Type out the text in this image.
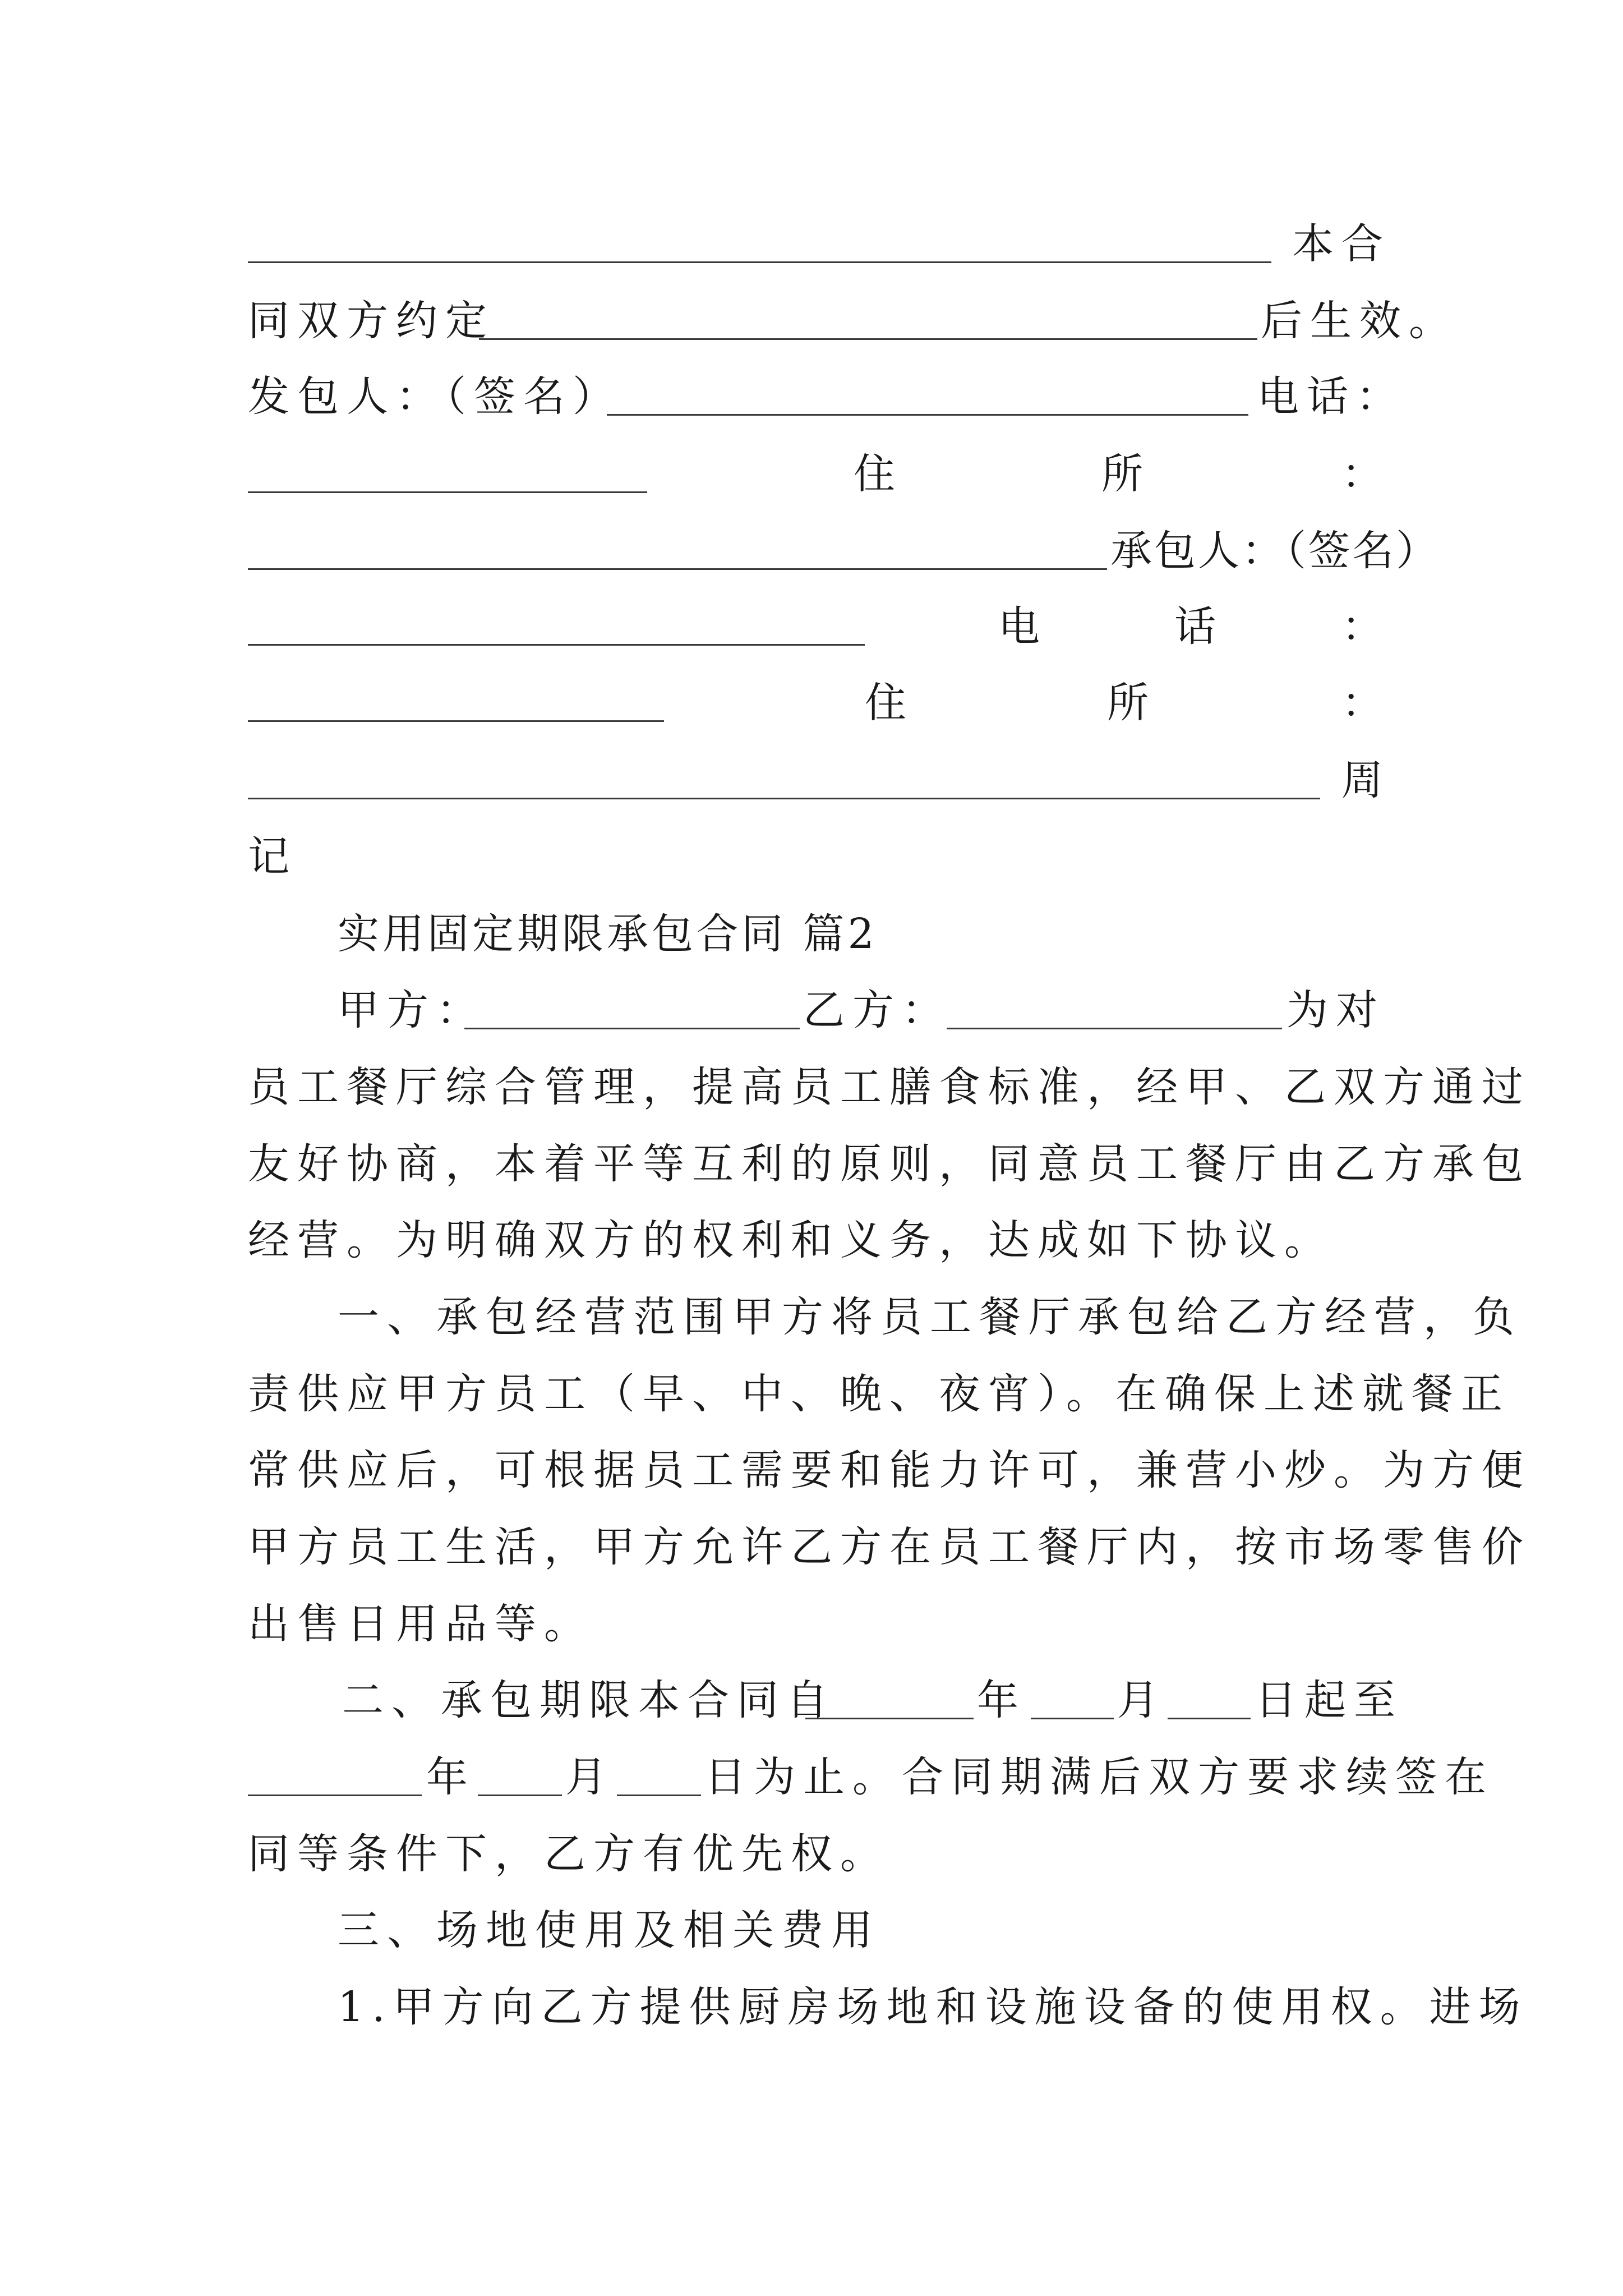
本合
同双方约定	后生效。
发包人：（签名）	电话：
住	所	：
承包人：（签名）
电	话	：
住	所	：
周
记
实用固定期限承包合同 篇2
甲方：	乙方：	为对
员工餐厅综合管理，提高员工膳食标准，经甲、乙双方通过
友好协商，本着平等互利的原则，同意员工餐厅由乙方承包
经营。为明确双方的权利和义务，达成如下协议。
一、承包经营范围甲方将员工餐厅承包给乙方经营，负
责供应甲方员工（早、中、晚、夜宵）。在确保上述就餐正
常供应后，可根据员工需要和能力许可，兼营小炒。为方便
甲方员工生活，甲方允许乙方在员工餐厅内，按市场零售价
出售日用品等。
二、承包期限本合同自	年 月 日起至
年 月 日为止。合同期满后双方要求续签在
同等条件下，乙方有优先权。
三、场地使用及相关费用
1.甲方向乙方提供厨房场地和设施设备的使用权。进场
